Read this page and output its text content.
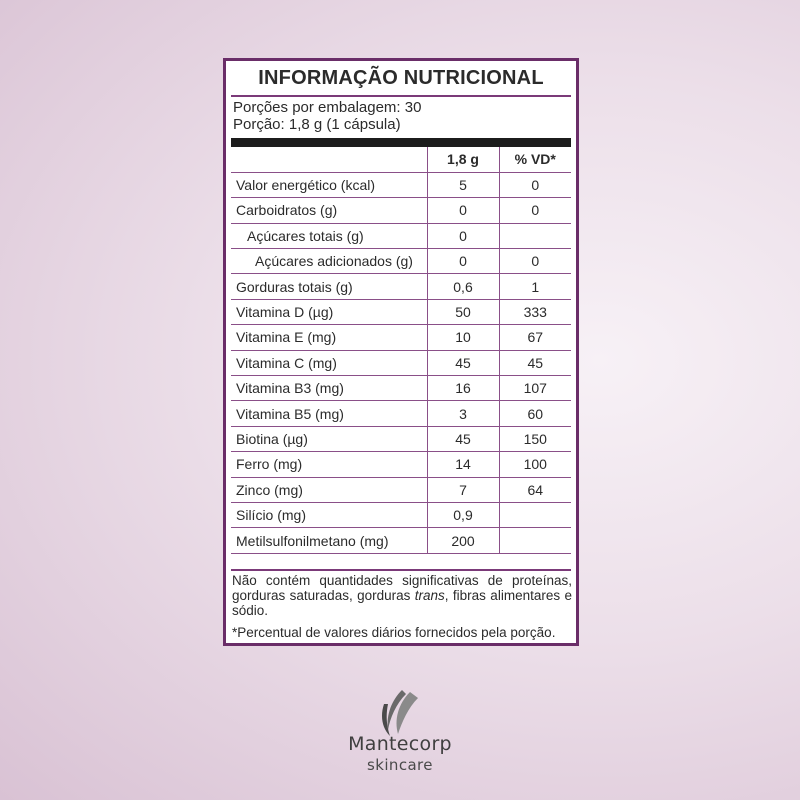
INFORMAÇÃO NUTRICIONAL
Porções por embalagem: 30
Porção: 1,8 g (1 cápsula)
	1,8 g	% VD*
Valor energético (kcal)	5	0
Carboidratos (g)	0	0
Açúcares totais (g)	0	
Açúcares adicionados (g)	0	0
Gorduras totais (g)	0,6	1
Vitamina D (µg)	50	333
Vitamina E (mg)	10	67
Vitamina C (mg)	45	45
Vitamina B3 (mg)	16	107
Vitamina B5 (mg)	3	60
Biotina (µg)	45	150
Ferro (mg)	14	100
Zinco (mg)	7	64
Silício (mg)	0,9	
Metilsulfonilmetano (mg)	200	
Não contém quantidades significativas de proteínas, gorduras saturadas, gorduras trans, fibras alimentares e sódio.
*Percentual de valores diários fornecidos pela porção.
Mantecorp
skincare
